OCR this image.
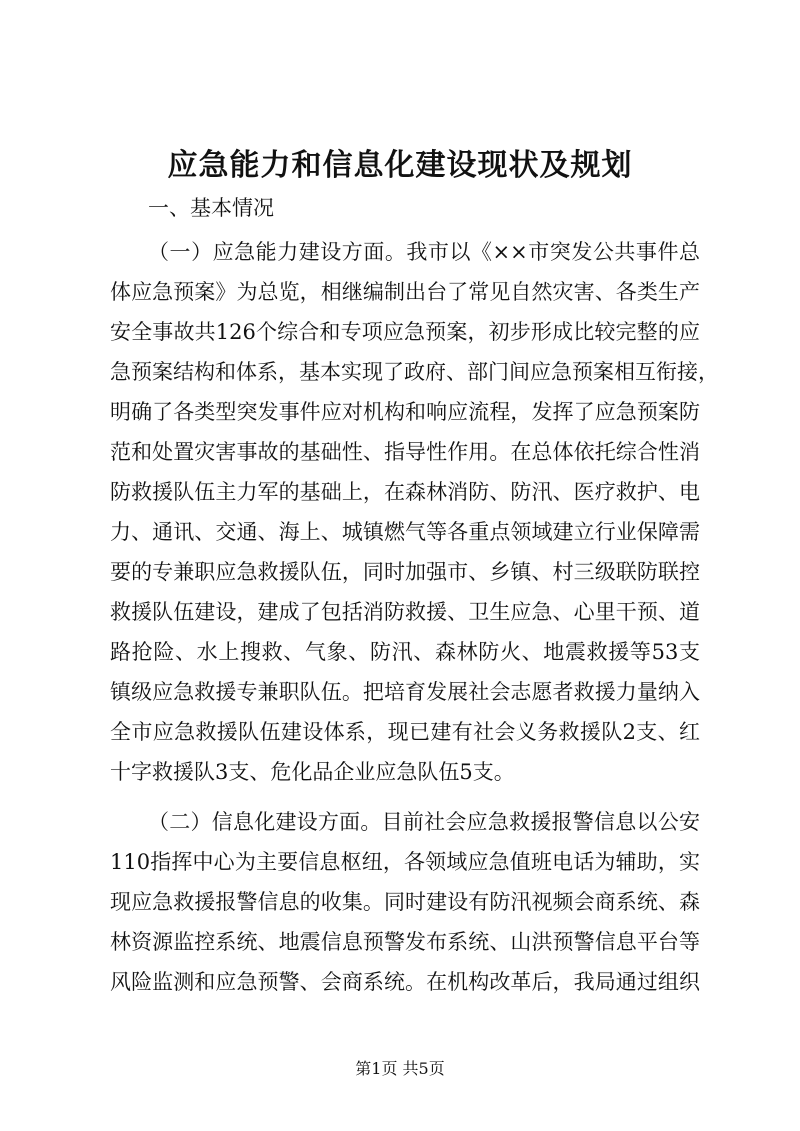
应急能力和信息化建设现状及规划

一、基本情况

（一）应急能力建设方面。我市以《××市突发公共事件总

体应急预案》为总览，相继编制出台了常见自然灾害、各类生产

安全事故共126个综合和专项应急预案，初步形成比较完整的应

急预案结构和体系，基本实现了政府、部门间应急预案相互衔接，

明确了各类型突发事件应对机构和响应流程，发挥了应急预案防

范和处置灾害事故的基础性、指导性作用。在总体依托综合性消

防救援队伍主力军的基础上，在森林消防、防汛、医疗救护、电

力、通讯、交通、海上、城镇燃气等各重点领域建立行业保障需

要的专兼职应急救援队伍，同时加强市、乡镇、村三级联防联控

救援队伍建设，建成了包括消防救援、卫生应急、心里干预、道

路抢险、水上搜救、气象、防汛、森林防火、地震救援等53支

镇级应急救援专兼职队伍。把培育发展社会志愿者救援力量纳入

全市应急救援队伍建设体系，现已建有社会义务救援队2支、红

十字救援队3支、危化品企业应急队伍5支。

（二）信息化建设方面。目前社会应急救援报警信息以公安

110指挥中心为主要信息枢纽，各领域应急值班电话为辅助，实

现应急救援报警信息的收集。同时建设有防汛视频会商系统、森

林资源监控系统、地震信息预警发布系统、山洪预警信息平台等

风险监测和应急预警、会商系统。在机构改革后，我局通过组织

第1页 共5页
